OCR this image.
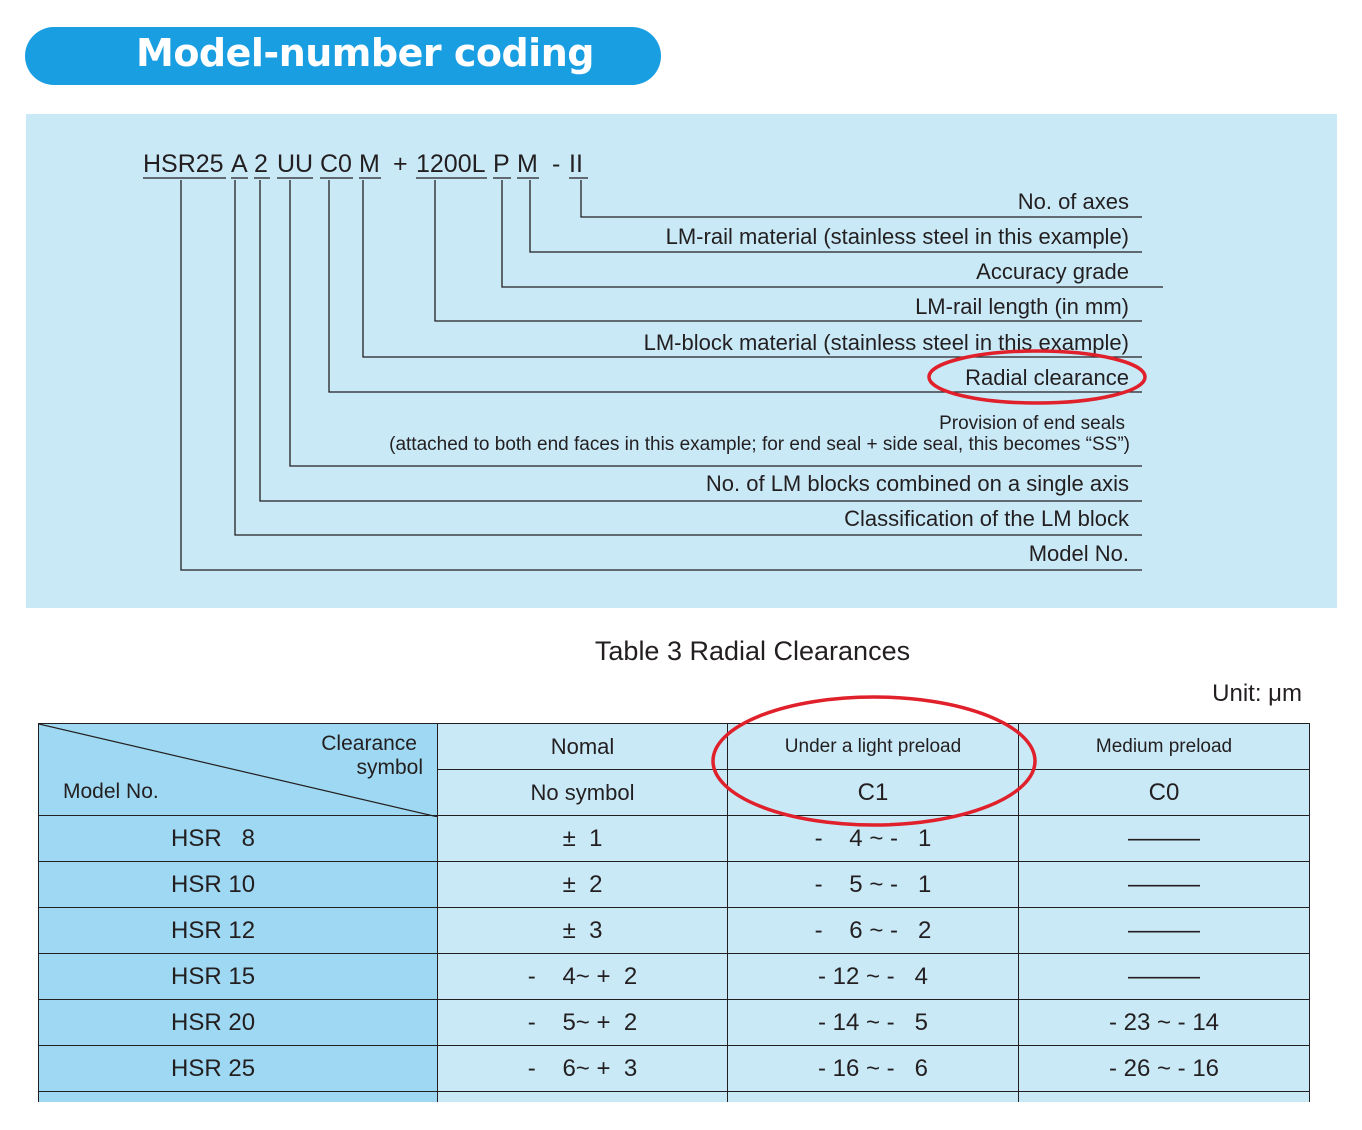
Model-number coding
HSR25 A 2 UU C0 M + 1200L P M - II
No. of axes
LM-rail material (stainless steel in this example)
Accuracy grade
LM-rail length (in mm)
LM-block material (stainless steel in this example)
Radial clearance
Provision of end seals
(attached to both end faces in this example; for end seal + side seal, this becomes “SS”)
No. of LM blocks combined on a single axis
Classification of the LM block
Model No.
Table 3 Radial Clearances
Unit: μm
Clearance
symbol
Model No.	Nomal	Under a light preload	Medium preload
	No symbol	C1	C0
HSR   8	±  1	-    4 ~ -   1	———
HSR 10	±  2	-    5 ~ -   1	———
HSR 12	±  3	-    6 ~ -   2	———
HSR 15	-    4~ +  2	- 12 ~ -   4	———
HSR 20	-    5~ +  2	- 14 ~ -   5	- 23 ~ - 14
HSR 25	-    6~ +  3	- 16 ~ -   6	- 26 ~ - 16
